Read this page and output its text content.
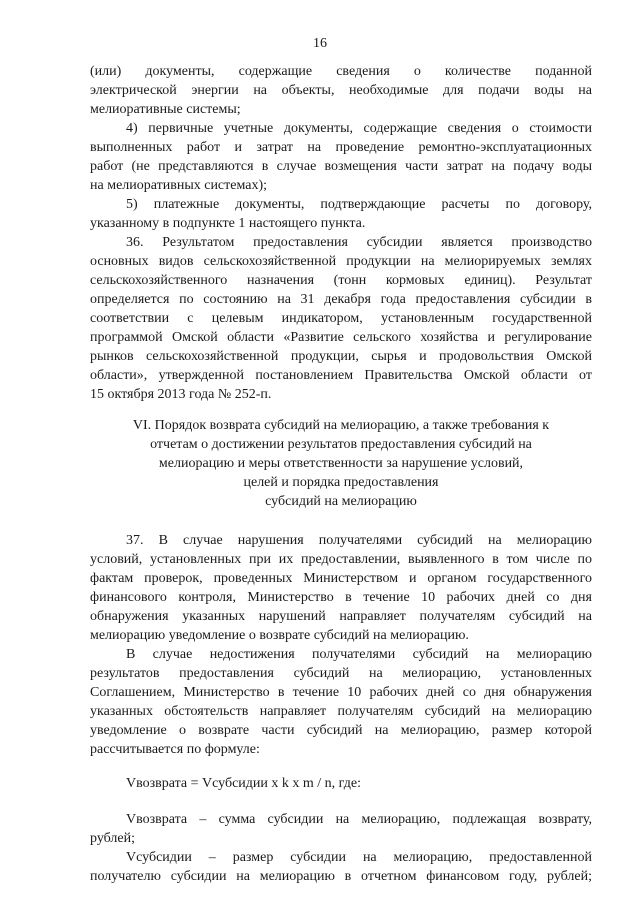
16
(или) документы, содержащие сведения о количестве поданной
электрической энергии на объекты, необходимые для подачи воды на
мелиоративные системы;
4) первичные учетные документы, содержащие сведения о стоимости
выполненных работ и затрат на проведение ремонтно-эксплуатационных
работ (не представляются в случае возмещения части затрат на подачу воды
на мелиоративных системах);
5) платежные документы, подтверждающие расчеты по договору,
указанному в подпункте 1 настоящего пункта.
36. Результатом предоставления субсидии является производство
основных видов сельскохозяйственной продукции на мелиорируемых землях
сельскохозяйственного назначения (тонн кормовых единиц). Результат
определяется по состоянию на 31 декабря года предоставления субсидии в
соответствии с целевым индикатором, установленным государственной
программой Омской области «Развитие сельского хозяйства и регулирование
рынков сельскохозяйственной продукции, сырья и продовольствия Омской
области», утвержденной постановлением Правительства Омской области от
15 октября 2013 года № 252-п.
VI. Порядок возврата субсидий на мелиорацию, а также требования к
отчетам о достижении результатов предоставления субсидий на
мелиорацию и меры ответственности за нарушение условий,
целей и порядка предоставления
субсидий на мелиорацию
37. В случае нарушения получателями субсидий на мелиорацию
условий, установленных при их предоставлении, выявленного в том числе по
фактам проверок, проведенных Министерством и органом государственного
финансового контроля, Министерство в течение 10 рабочих дней со дня
обнаружения указанных нарушений направляет получателям субсидий на
мелиорацию уведомление о возврате субсидий на мелиорацию.
В случае недостижения получателями субсидий на мелиорацию
результатов предоставления субсидий на мелиорацию, установленных
Соглашением, Министерство в течение 10 рабочих дней со дня обнаружения
указанных обстоятельств направляет получателям субсидий на мелиорацию
уведомление о возврате части субсидий на мелиорацию, размер которой
рассчитывается по формуле:
Vвозврата = Vсубсидии x k x m / n, где:
Vвозврата – сумма субсидии на мелиорацию, подлежащая возврату,
рублей;
Vсубсидии – размер субсидии на мелиорацию, предоставленной
получателю субсидии на мелиорацию в отчетном финансовом году, рублей;
